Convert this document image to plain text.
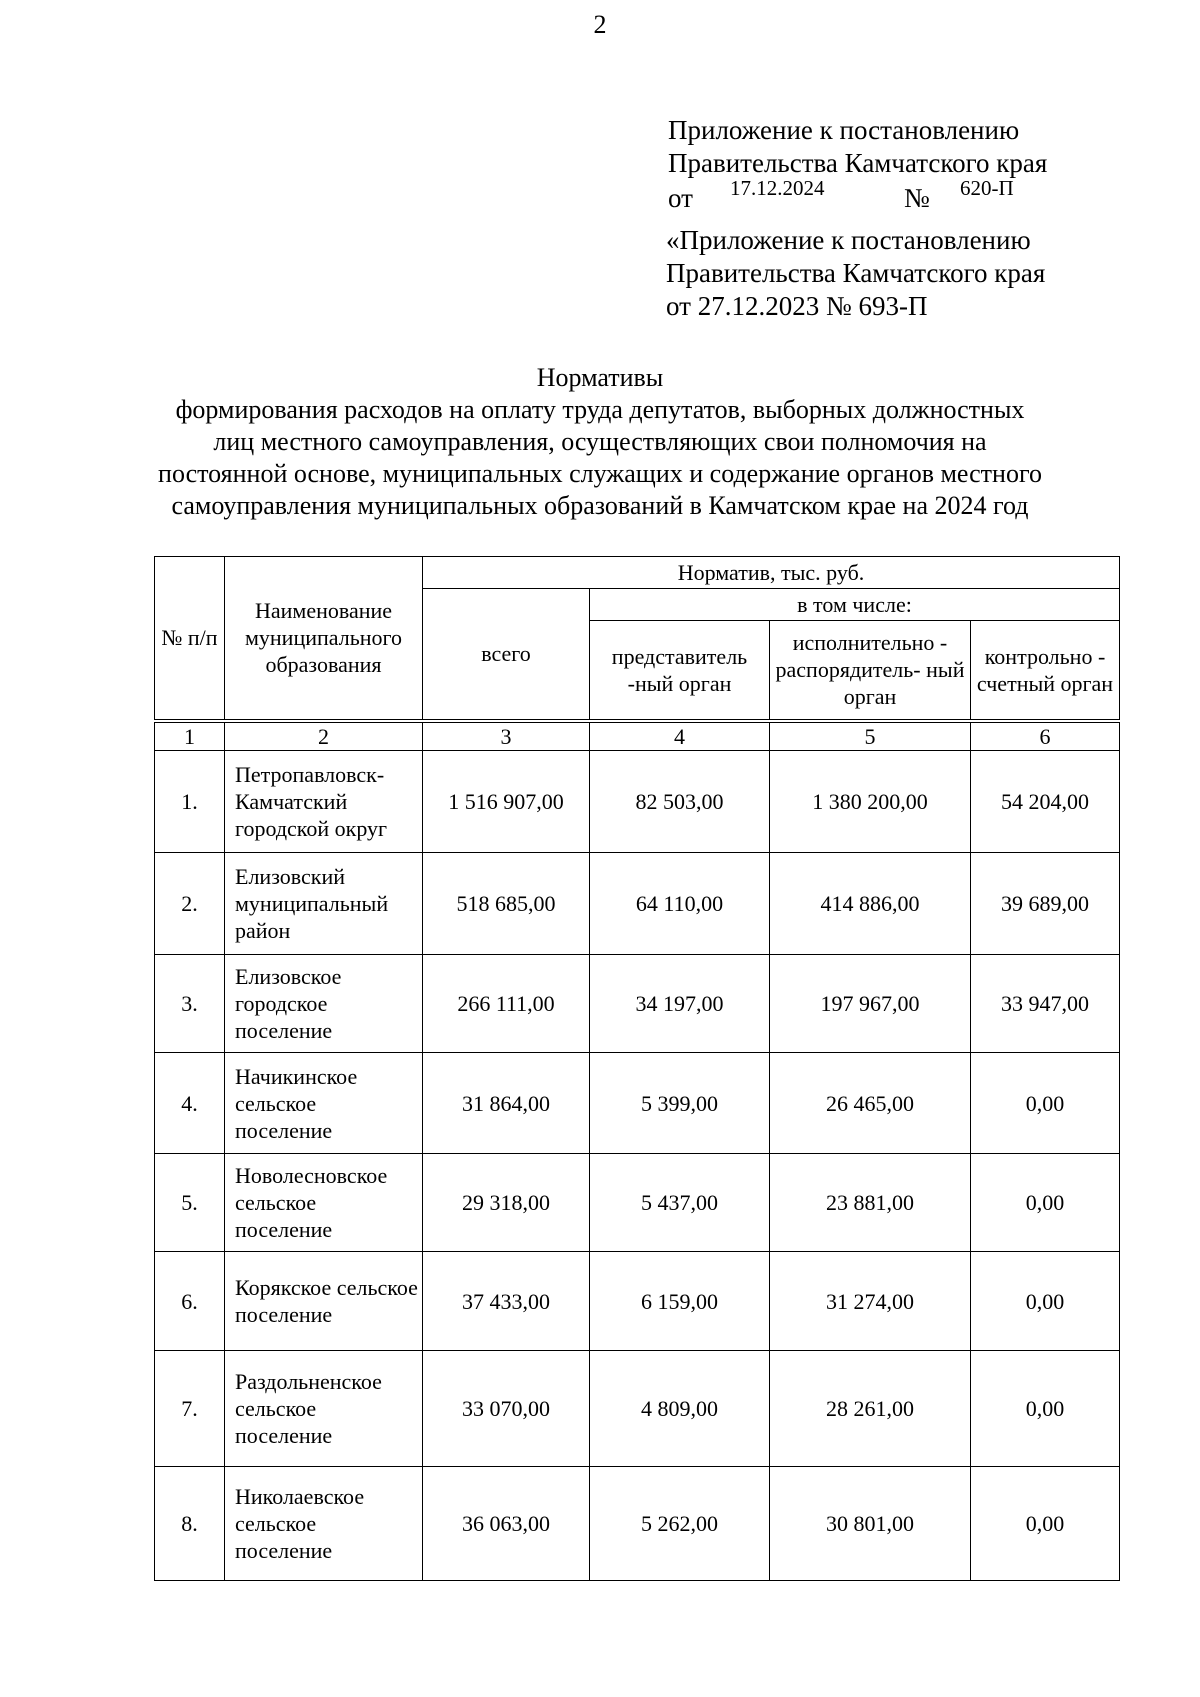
2
Приложение к постановлению
Правительства Камчатского края
от 17.12.2024	№ 620-П
«Приложение к постановлению
Правительства Камчатского края
от 27.12.2023 № 693-П
Нормативы
формирования расходов на оплату труда депутатов, выборных должностных
лиц местного самоуправления, осуществляющих свои полномочия на
постоянной основе, муниципальных служащих и содержание органов местного
самоуправления муниципальных образований в Камчатском крае на 2024 год
№ п/п	Наименование муниципального образования	Норматив, тыс. руб.			
		всего	в том числе:		
			представитель -ный орган	исполнительно - распорядитель- ный орган	контрольно - счетный орган
1	2	3	4	5	6
1.	Петропавловск-Камчатский городской округ	1 516 907,00	82 503,00	1 380 200,00	54 204,00
2.	Елизовский муниципальный район	518 685,00	64 110,00	414 886,00	39 689,00
3.	Елизовское городское поселение	266 111,00	34 197,00	197 967,00	33 947,00
4.	Начикинское сельское поселение	31 864,00	5 399,00	26 465,00	0,00
5.	Новолесновское сельское поселение	29 318,00	5 437,00	23 881,00	0,00
6.	Корякское сельское поселение	37 433,00	6 159,00	31 274,00	0,00
7.	Раздольненское сельское поселение	33 070,00	4 809,00	28 261,00	0,00
8.	Николаевское сельское поселение	36 063,00	5 262,00	30 801,00	0,00
